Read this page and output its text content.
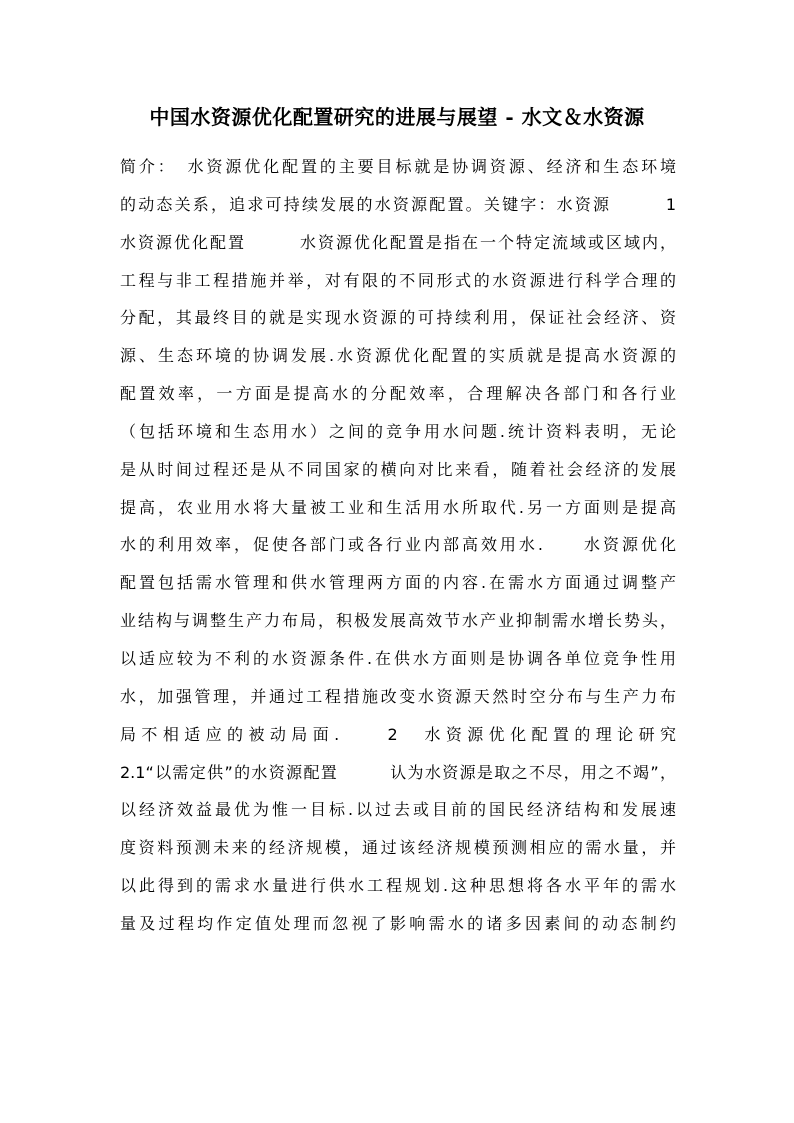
中国水资源优化配置研究的进展与展望 - 水文＆水资源
简介：　水资源优化配置的主要目标就是协调资源、经济和生态环境
的动态关系，追求可持续发展的水资源配置。关键字：水资源　　　1
水资源优化配置　　　水资源优化配置是指在一个特定流域或区域内，
工程与非工程措施并举，对有限的不同形式的水资源进行科学合理的
分配，其最终目的就是实现水资源的可持续利用，保证社会经济、资
源、生态环境的协调发展.水资源优化配置的实质就是提高水资源的
配置效率，一方面是提高水的分配效率，合理解决各部门和各行业
（包括环境和生态用水）之间的竞争用水问题.统计资料表明，无论
是从时间过程还是从不同国家的横向对比来看，随着社会经济的发展
提高，农业用水将大量被工业和生活用水所取代.另一方面则是提高
水的利用效率，促使各部门或各行业内部高效用水.　　水资源优化
配置包括需水管理和供水管理两方面的内容.在需水方面通过调整产
业结构与调整生产力布局，积极发展高效节水产业抑制需水增长势头，
以适应较为不利的水资源条件.在供水方面则是协调各单位竞争性用
水，加强管理，并通过工程措施改变水资源天然时空分布与生产力布
局不相适应的被动局面.　　2　水资源优化配置的理论研究
2.1“以需定供”的水资源配置　　　认为水资源是取之不尽，用之不竭”，
以经济效益最优为惟一目标.以过去或目前的国民经济结构和发展速
度资料预测未来的经济规模，通过该经济规模预测相应的需水量，并
以此得到的需求水量进行供水工程规划.这种思想将各水平年的需水
量及过程均作定值处理而忽视了影响需水的诸多因素间的动态制约
